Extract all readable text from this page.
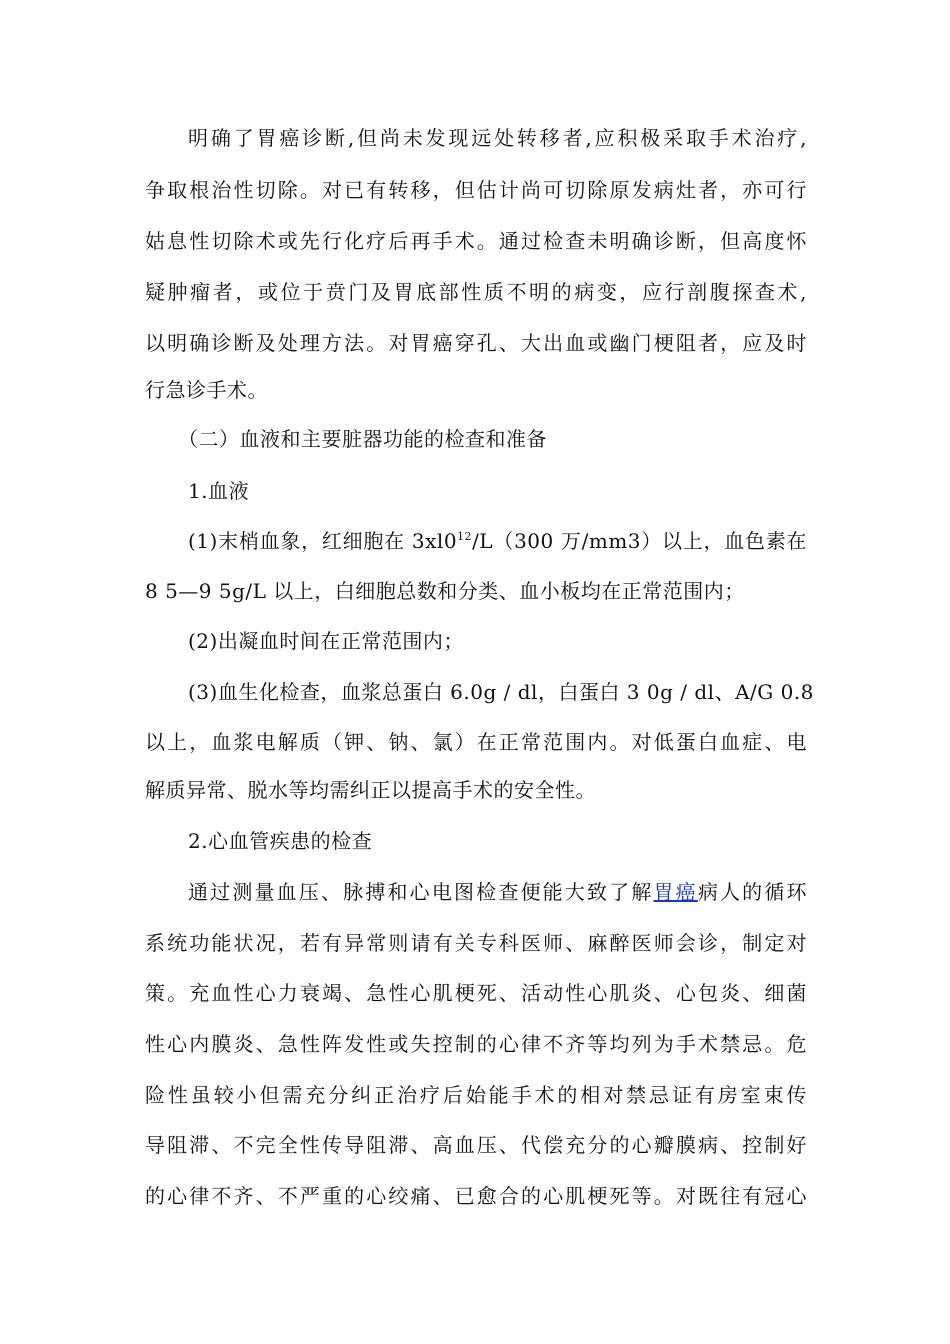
明确了胃癌诊断,但尚未发现远处转移者,应积极采取手术治疗,
争取根治性切除。对已有转移，但估计尚可切除原发病灶者，亦可行
姑息性切除术或先行化疗后再手术。通过检查未明确诊断，但高度怀
疑肿瘤者，或位于贲门及胃底部性质不明的病变，应行剖腹探查术,
以明确诊断及处理方法。对胃癌穿孔、大出血或幽门梗阻者，应及时
行急诊手术。
（二）血液和主要脏器功能的检查和准备
1.血液
(1)末梢血象，红细胞在 $3xl0^{12}/L(300$ 万/mm3）以上，血色素在
8 5—9 5g/L 以上，白细胞总数和分类、血小板均在正常范围内；
(2)出凝血时间在正常范围内；
(3)血生化检查，血浆总蛋白 6.0g / dl，白蛋白 3 0g / dl、A/G 0.8
以上，血浆电解质（钾、钠、氯）在正常范围内。对低蛋白血症、电
解质异常、脱水等均需纠正以提高手术的安全性。
2.心血管疾患的检查
通过测量血压、脉搏和心电图检查便能大致了解胃癌病人的循环
系统功能状况，若有异常则请有关专科医师、麻醉医师会诊，制定对
策。充血性心力衰竭、急性心肌梗死、活动性心肌炎、心包炎、细菌
性心内膜炎、急性阵发性或失控制的心律不齐等均列为手术禁忌。危
险性虽较小但需充分纠正治疗后始能手术的相对禁忌证有房室束传
导阻滞、不完全性传导阻滞、高血压、代偿充分的心瓣膜病、控制好
的心律不齐、不严重的心绞痛、已愈合的心肌梗死等。对既往有冠心
